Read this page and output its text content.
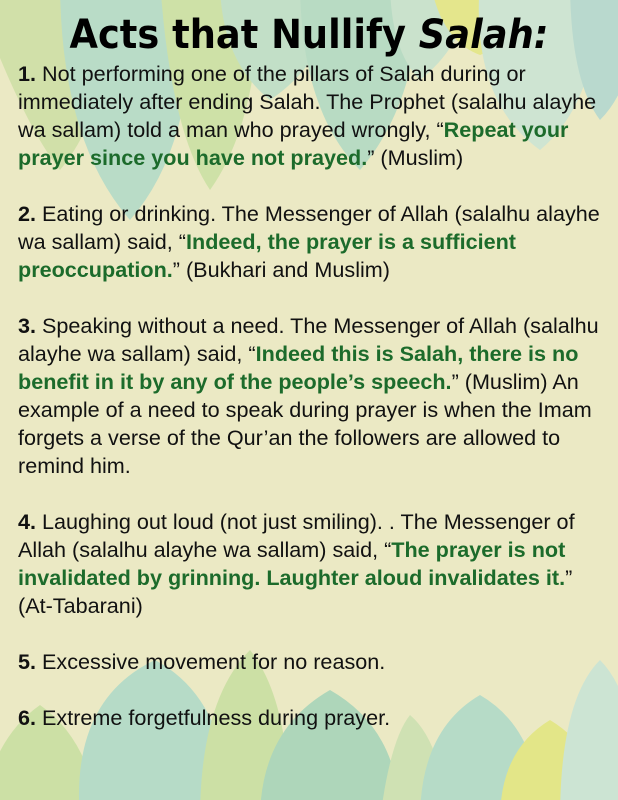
Acts that Nullify Salah:
1. Not performing one of the pillars of Salah during or immediately after ending Salah. The Prophet (salalhu alayhe wa sallam) told a man who prayed wrongly, “Repeat your prayer since you have not prayed.” (Muslim)
2. Eating or drinking. The Messenger of Allah (salalhu alayhe wa sallam) said, “Indeed, the prayer is a sufficient preoccupation.” (Bukhari and Muslim)
3. Speaking without a need. The Messenger of Allah (salalhu alayhe wa sallam) said, “Indeed this is Salah, there is no benefit in it by any of the people’s speech.” (Muslim) An example of a need to speak during prayer is when the Imam forgets a verse of the Qur’an the followers are allowed to remind him.
4. Laughing out loud (not just smiling). . The Messenger of Allah (salalhu alayhe wa sallam) said, “The prayer is not invalidated by grinning. Laughter aloud invalidates it.” (At-Tabarani)
5. Excessive movement for no reason.
6. Extreme forgetfulness during prayer.
